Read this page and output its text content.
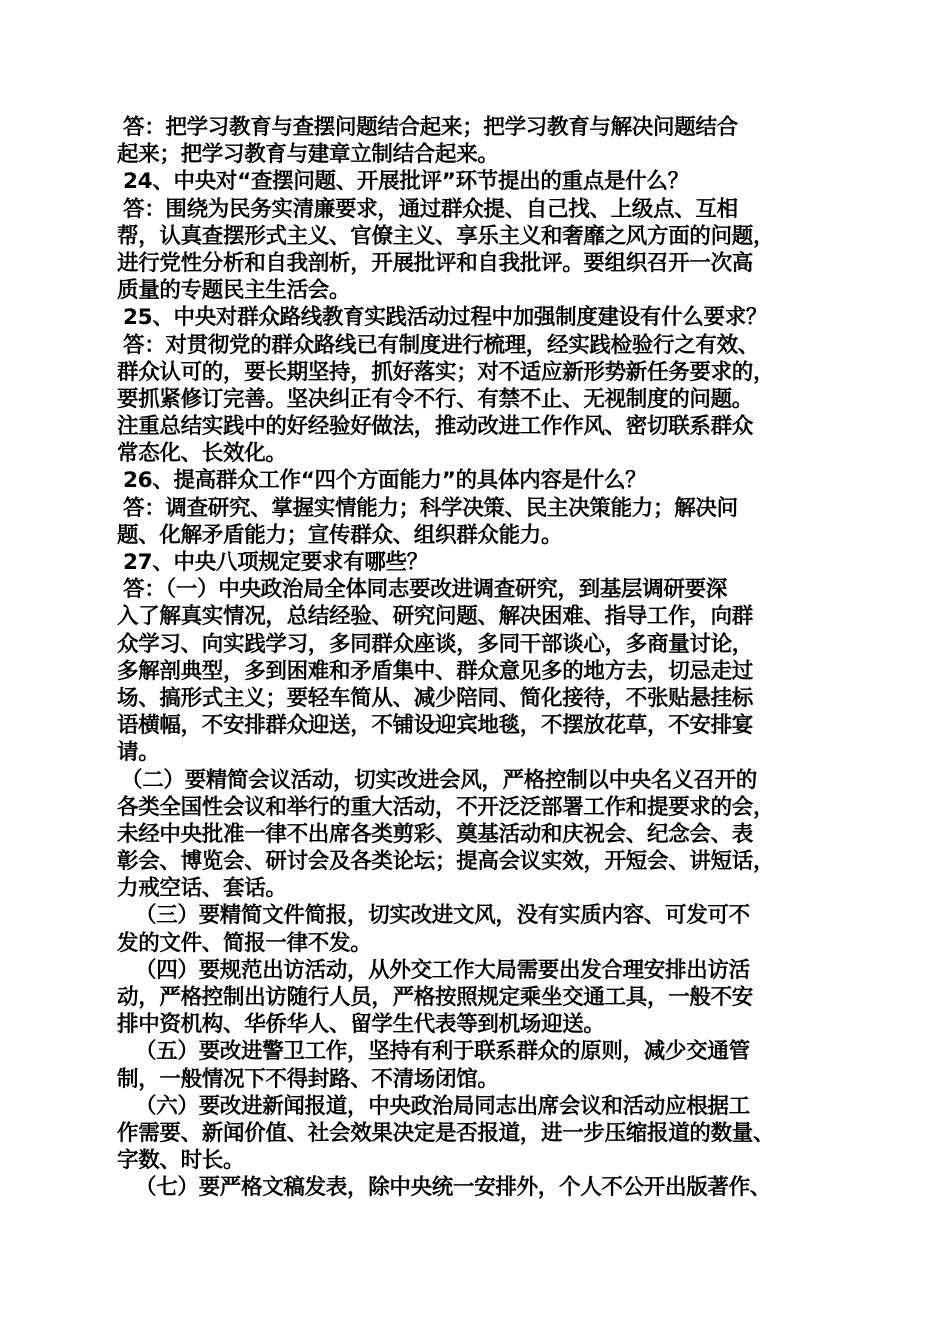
答：把学习教育与查摆问题结合起来；把学习教育与解决问题结合
起来；把学习教育与建章立制结合起来。
24、中央对“查摆问题、开展批评”环节提出的重点是什么？
答：围绕为民务实清廉要求，通过群众提、自己找、上级点、互相
帮，认真查摆形式主义、官僚主义、享乐主义和奢靡之风方面的问题，
进行党性分析和自我剖析，开展批评和自我批评。要组织召开一次高
质量的专题民主生活会。
25、中央对群众路线教育实践活动过程中加强制度建设有什么要求？
答：对贯彻党的群众路线已有制度进行梳理，经实践检验行之有效、
群众认可的，要长期坚持，抓好落实；对不适应新形势新任务要求的，
要抓紧修订完善。坚决纠正有令不行、有禁不止、无视制度的问题。
注重总结实践中的好经验好做法，推动改进工作作风、密切联系群众
常态化、长效化。
26、提高群众工作“四个方面能力”的具体内容是什么？
答：调查研究、掌握实情能力；科学决策、民主决策能力；解决问
题、化解矛盾能力；宣传群众、组织群众能力。
27、中央八项规定要求有哪些？
答：（一）中央政治局全体同志要改进调查研究，到基层调研要深
入了解真实情况，总结经验、研究问题、解决困难、指导工作，向群
众学习、向实践学习，多同群众座谈，多同干部谈心，多商量讨论，
多解剖典型，多到困难和矛盾集中、群众意见多的地方去，切忌走过
场、搞形式主义；要轻车简从、减少陪同、简化接待，不张贴悬挂标
语横幅，不安排群众迎送，不铺设迎宾地毯，不摆放花草，不安排宴
请。
（二）要精简会议活动，切实改进会风，严格控制以中央名义召开的
各类全国性会议和举行的重大活动，不开泛泛部署工作和提要求的会，
未经中央批准一律不出席各类剪彩、奠基活动和庆祝会、纪念会、表
彰会、博览会、研讨会及各类论坛；提高会议实效，开短会、讲短话，
力戒空话、套话。
（三）要精简文件简报，切实改进文风，没有实质内容、可发可不
发的文件、简报一律不发。
（四）要规范出访活动，从外交工作大局需要出发合理安排出访活
动，严格控制出访随行人员，严格按照规定乘坐交通工具，一般不安
排中资机构、华侨华人、留学生代表等到机场迎送。
（五）要改进警卫工作，坚持有利于联系群众的原则，减少交通管
制，一般情况下不得封路、不清场闭馆。
（六）要改进新闻报道，中央政治局同志出席会议和活动应根据工
作需要、新闻价值、社会效果决定是否报道，进一步压缩报道的数量、
字数、时长。
（七）要严格文稿发表，除中央统一安排外，个人不公开出版著作、
